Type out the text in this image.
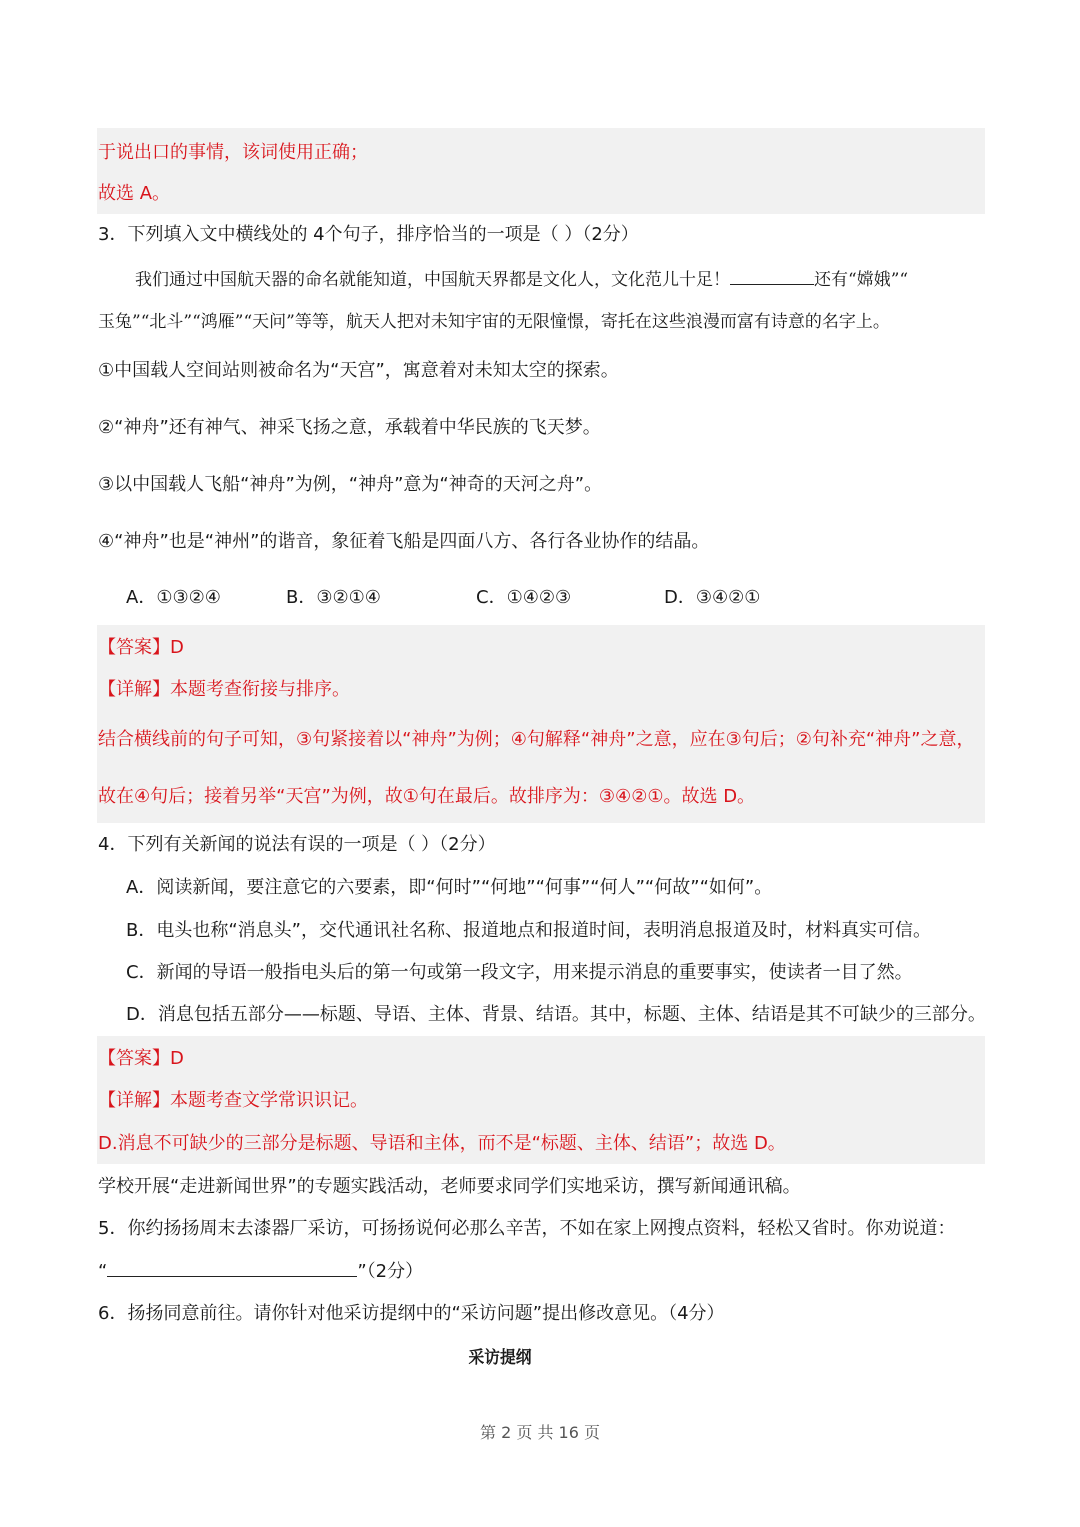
于说出口的事情，该词使用正确；
故选 A。
3．下列填入文中横线处的 4个句子，排序恰当的一项是（ ）（2分）
我们通过中国航天器的命名就能知道，中国航天界都是文化人，文化范儿十足！	还有“嫦娥”“
玉兔”“北斗”“鸿雁”“天问”等等，航天人把对未知宇宙的无限憧憬，寄托在这些浪漫而富有诗意的名字上。
①中国载人空间站则被命名为“天宫”，寓意着对未知太空的探索。
②“神舟”还有神气、神采飞扬之意，承载着中华民族的飞天梦。
③以中国载人飞船“神舟”为例，“神舟”意为“神奇的天河之舟”。
④“神舟”也是“神州”的谐音，象征着飞船是四面八方、各行各业协作的结晶。
A．①③②④	B．③②①④	C．①④②③	D．③④②①
【答案】D
【详解】本题考查衔接与排序。
结合横线前的句子可知，③句紧接着以“神舟”为例；④句解释“神舟”之意，应在③句后；②句补充“神舟”之意，
故在④句后；接着另举“天宫”为例，故①句在最后。故排序为：③④②①。故选 D。
4．下列有关新闻的说法有误的一项是（ ）（2分）
A．阅读新闻，要注意它的六要素，即“何时”“何地”“何事”“何人”“何故”“如何”。
B．电头也称“消息头”，交代通讯社名称、报道地点和报道时间，表明消息报道及时，材料真实可信。
C．新闻的导语一般指电头后的第一句或第一段文字，用来提示消息的重要事实，使读者一目了然。
D．消息包括五部分——标题、导语、主体、背景、结语。其中，标题、主体、结语是其不可缺少的三部分。
【答案】D
【详解】本题考查文学常识识记。
D.消息不可缺少的三部分是标题、导语和主体，而不是“标题、主体、结语”；故选 D。
学校开展“走进新闻世界”的专题实践活动，老师要求同学们实地采访，撰写新闻通讯稿。
5．你约扬扬周末去漆器厂采访，可扬扬说何必那么辛苦，不如在家上网搜点资料，轻松又省时。你劝说道：
“	”（2分）
6．扬扬同意前往。请你针对他采访提纲中的“采访问题”提出修改意见。（4分）
采访提纲
第 2 页 共 16 页
